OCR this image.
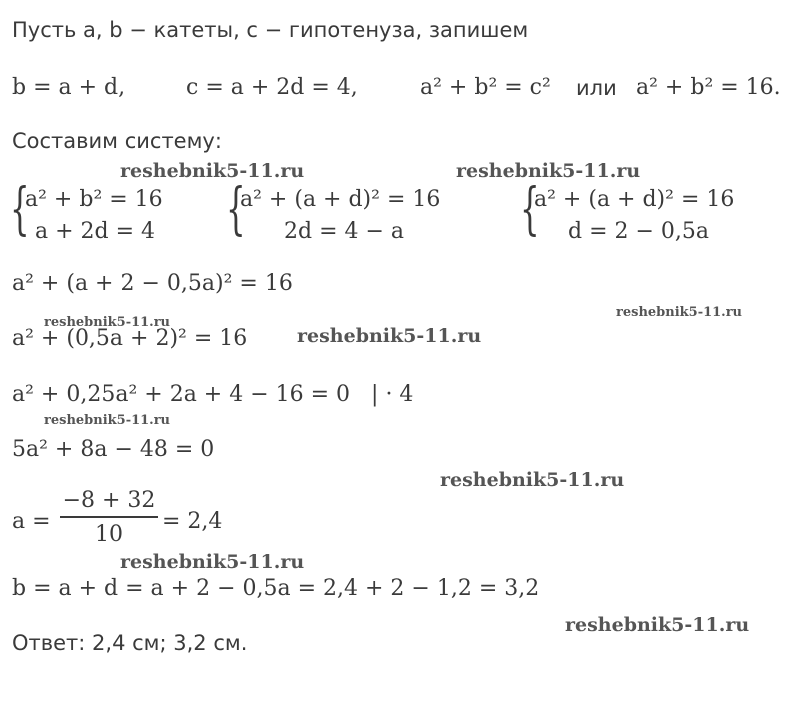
Пусть a, b − катеты, c − гипотенуза, запишем
b = a + d,	c = a + 2d = 4,	a² + b² = c² или a² + b² = 16.
Составим систему:
{
a² + b² = 16
a + 2d = 4 {
a² + (a + d)² = 16
2d = 4 − a {
a² + (a + d)² = 16
d = 2 − 0,5a
a² + (a + 2 − 0,5a)² = 16
a² + (0,5a + 2)² = 16
a² + 0,25a² + 2a + 4 − 16 = 0   | · 4
5a² + 8a − 48 = 0
a =
−8 + 32
10
= 2,4
b = a + d = a + 2 − 0,5a = 2,4 + 2 − 1,2 = 3,2
Ответ: 2,4 см; 3,2 см.
reshebnik5-11.ru	reshebnik5-11.ru
reshebnik5-11.ru
reshebnik5-11.ru
reshebnik5-11.ru
reshebnik5-11.ru
reshebnik5-11.ru
reshebnik5-11.ru
reshebnik5-11.ru
